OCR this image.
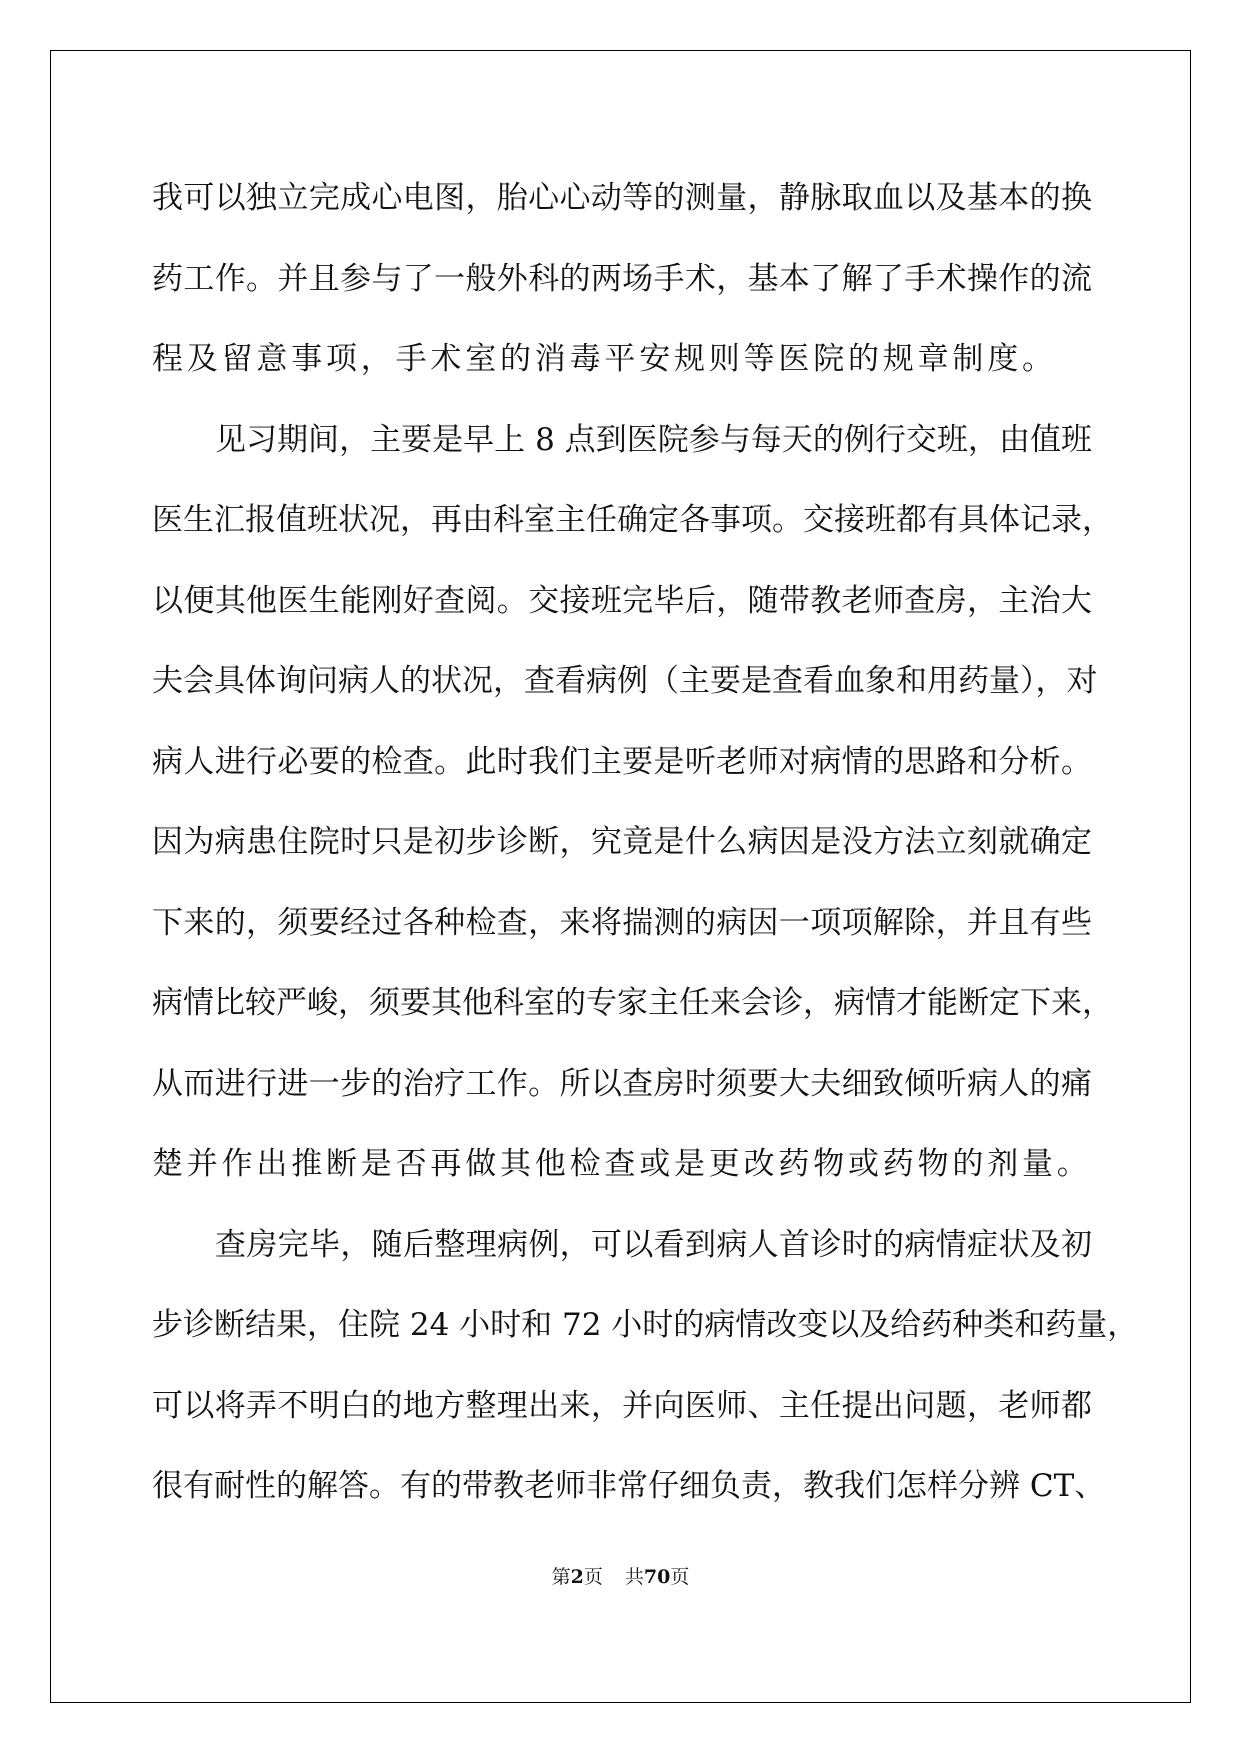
我可以独立完成心电图，胎心心动等的测量，静脉取血以及基本的换
药工作。并且参与了一般外科的两场手术，基本了解了手术操作的流
程及留意事项，手术室的消毒平安规则等医院的规章制度。
见习期间，主要是早上 8 点到医院参与每天的例行交班，由值班
医生汇报值班状况，再由科室主任确定各事项。交接班都有具体记录，
以便其他医生能刚好查阅。交接班完毕后，随带教老师查房，主治大
夫会具体询问病人的状况，查看病例（主要是查看血象和用药量），对
病人进行必要的检查。此时我们主要是听老师对病情的思路和分析。
因为病患住院时只是初步诊断，究竟是什么病因是没方法立刻就确定
下来的，须要经过各种检查，来将揣测的病因一项项解除，并且有些
病情比较严峻，须要其他科室的专家主任来会诊，病情才能断定下来，
从而进行进一步的治疗工作。所以查房时须要大夫细致倾听病人的痛
楚并作出推断是否再做其他检查或是更改药物或药物的剂量。
查房完毕，随后整理病例，可以看到病人首诊时的病情症状及初
步诊断结果，住院 24 小时和 72 小时的病情改变以及给药种类和药量，
可以将弄不明白的地方整理出来，并向医师、主任提出问题，老师都
很有耐性的解答。有的带教老师非常仔细负责，教我们怎样分辨 CT、
第2页 共70页
